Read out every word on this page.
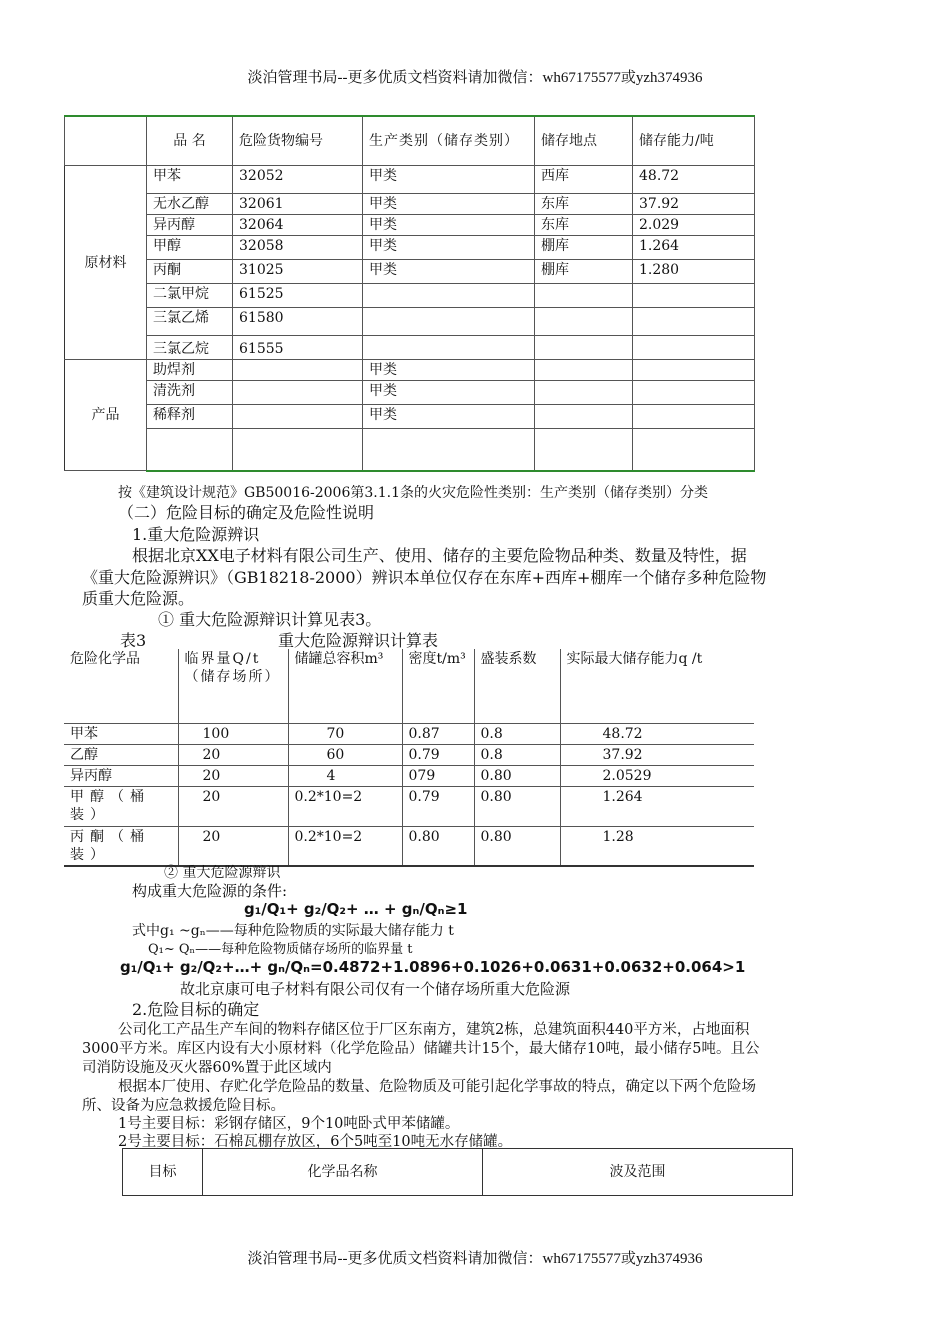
淡泊管理书局--更多优质文档资料请加微信：wh67175577或yzh374936
	品 名	危险货物编号	生产类别（储存类别）	储存地点	储存能力/吨
原材料	甲苯	32052	甲类	西库	48.72
	无水乙醇	32061	甲类	东库	37.92
	异丙醇	32064	甲类	东库	2.029
	甲醇	32058	甲类	棚库	1.264
	丙酮	31025	甲类	棚库	1.280
	二氯甲烷	61525			
	三氯乙烯	61580			
	三氯乙烷	61555			
产品	助焊剂		甲类		
	清洗剂		甲类		
	稀释剂		甲类		

按《建筑设计规范》GB50016-2006第3.1.1条的火灾危险性类别：生产类别（储存类别）分类
（二）危险目标的确定及危险性说明
1.重大危险源辨识
根据北京XX电子材料有限公司生产、使用、储存的主要危险物品种类、数量及特性，据
《重大危险源辨识》（GB18218-2000）辨识本单位仅存在东库+西库+棚库一个储存多种危险物
质重大危险源。
① 重大危险源辩识计算见表3。
表3	重大危险源辩识计算表
危险化学品	临界量Q/t（储存场所）	储罐总容积m³	密度t/m³	盛装系数	实际最大储存能力q /t
甲苯	100	70	0.87	0.8	48.72
乙醇	20	60	0.79	0.8	37.92
异丙醇	20	4	079	0.80	2.0529
甲醇（桶装）	20	0.2*10=2	0.79	0.80	1.264
丙酮（桶装）	20	0.2*10=2	0.80	0.80	1.28
② 重大危险源辩识
构成重大危险源的条件:
g₁/Q₁+ g₂/Q₂+ … + gₙ/Qₙ≥1
式中g₁ ~gₙ——每种危险物质的实际最大储存能力 t
Q₁~ Qₙ——每种危险物质储存场所的临界量 t
g₁/Q₁+ g₂/Q₂+…+ gₙ/Qₙ=0.4872+1.0896+0.1026+0.0631+0.0632+0.064>1
故北京康可电子材料有限公司仅有一个储存场所重大危险源
2.危险目标的确定
公司化工产品生产车间的物料存储区位于厂区东南方，建筑2栋，总建筑面积440平方米，占地面积
3000平方米。库区内设有大小原材料（化学危险品）储罐共计15个，最大储存10吨，最小储存5吨。且公
司消防设施及灭火器60%置于此区域内
根据本厂使用、存贮化学危险品的数量、危险物质及可能引起化学事故的特点，确定以下两个危险场
所、设备为应急救援危险目标。
1号主要目标：彩钢存储区，9个10吨卧式甲苯储罐。
2号主要目标：石棉瓦棚存放区，6个5吨至10吨无水存储罐。
目标	化学品名称	波及范围
淡泊管理书局--更多优质文档资料请加微信：wh67175577或yzh374936
